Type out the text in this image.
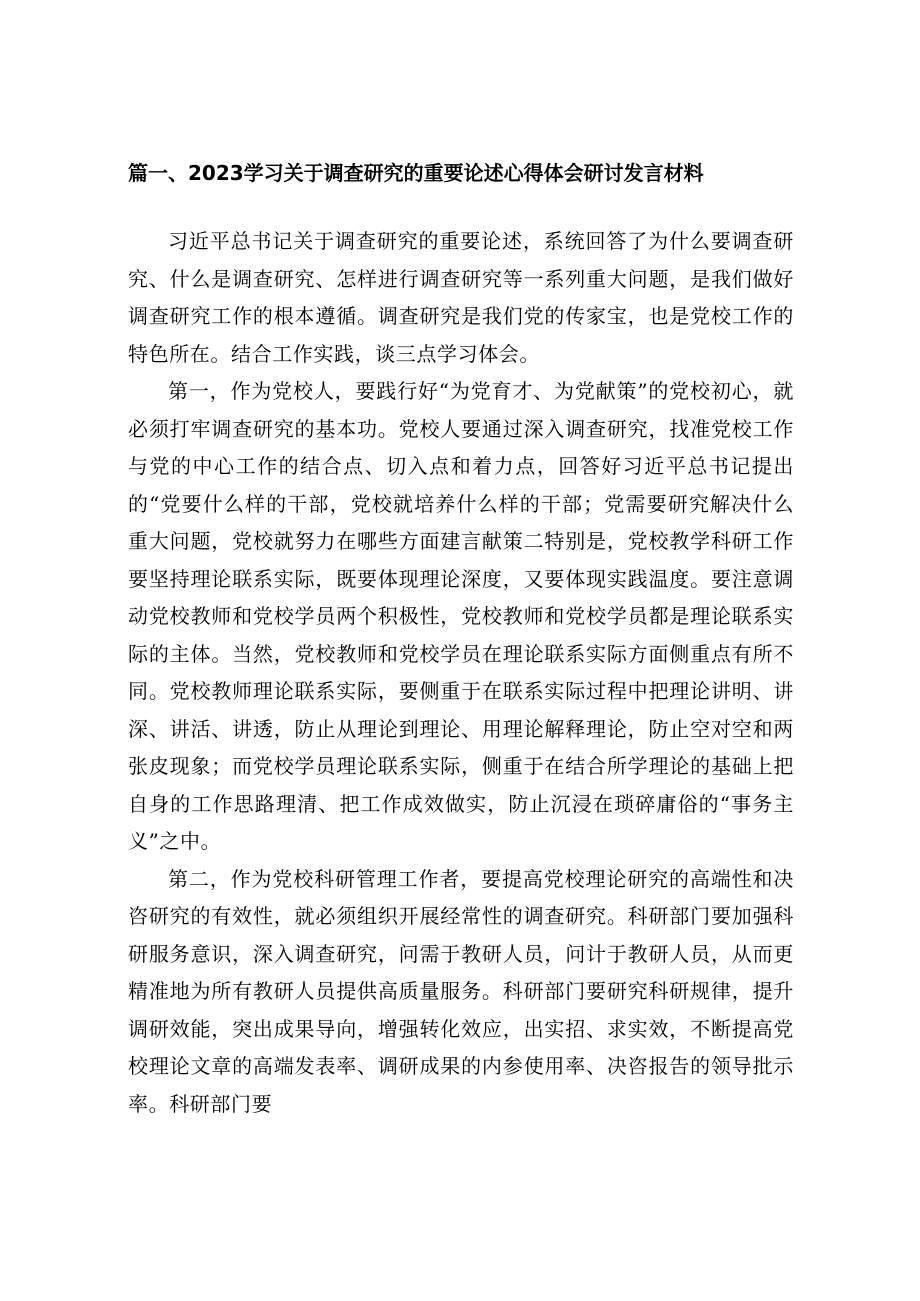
篇一、2023学习关于调查研究的重要论述心得体会研讨发言材料

习近平总书记关于调查研究的重要论述，系统回答了为什么要调查研究、什么是调查研究、怎样进行调查研究等一系列重大问题，是我们做好调查研究工作的根本遵循。调查研究是我们党的传家宝，也是党校工作的特色所在。结合工作实践，谈三点学习体会。

第一，作为党校人，要践行好“为党育才、为党献策”的党校初心，就必须打牢调查研究的基本功。党校人要通过深入调查研究，找准党校工作与党的中心工作的结合点、切入点和着力点，回答好习近平总书记提出的“党要什么样的干部，党校就培养什么样的干部；党需要研究解决什么重大问题，党校就努力在哪些方面建言献策二特别是，党校教学科研工作要坚持理论联系实际，既要体现理论深度，又要体现实践温度。要注意调动党校教师和党校学员两个积极性，党校教师和党校学员都是理论联系实际的主体。当然，党校教师和党校学员在理论联系实际方面侧重点有所不同。党校教师理论联系实际，要侧重于在联系实际过程中把理论讲明、讲深、讲活、讲透，防止从理论到理论、用理论解释理论，防止空对空和两张皮现象；而党校学员理论联系实际，侧重于在结合所学理论的基础上把自身的工作思路理清、把工作成效做实，防止沉浸在琐碎庸俗的“事务主义”之中。

第二，作为党校科研管理工作者，要提高党校理论研究的高端性和决咨研究的有效性，就必须组织开展经常性的调查研究。科研部门要加强科研服务意识，深入调查研究，问需于教研人员，问计于教研人员，从而更精准地为所有教研人员提供高质量服务。科研部门要研究科研规律，提升调研效能，突出成果导向，增强转化效应，出实招、求实效，不断提高党校理论文章的高端发表率、调研成果的内参使用率、决咨报告的领导批示率。科研部门要
